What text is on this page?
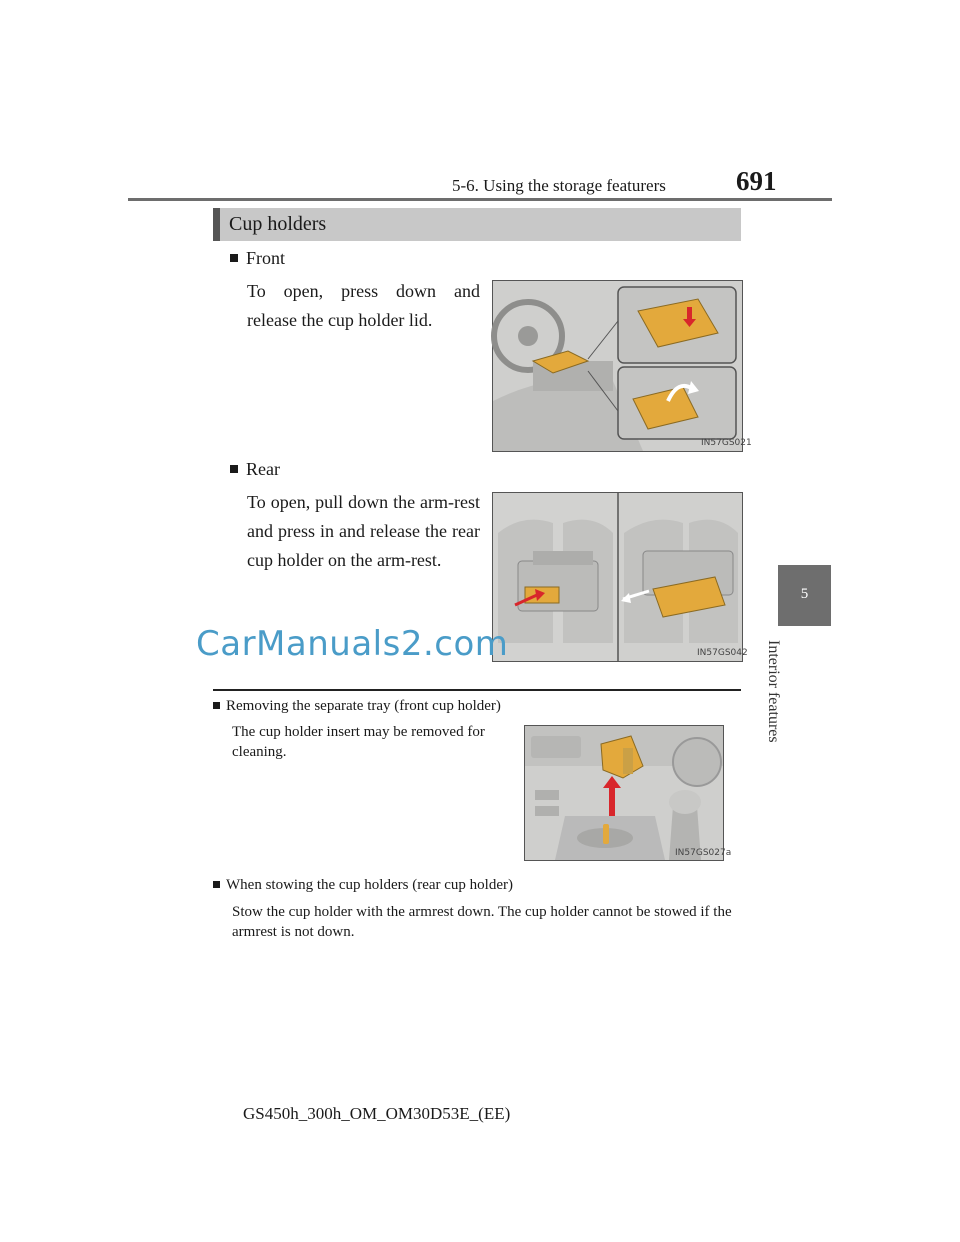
5-6. Using the storage featurers	691
5
Interior features
Cup holders
Front
To open, press down and release the cup holder lid.
IN57GS021
Rear
To open, pull down the arm-rest and press in and release the rear cup holder on the arm-rest.
IN57GS042
CarManuals2.com
Removing the separate tray (front cup holder)
The cup holder insert may be removed for cleaning.
IN57GS027a
When stowing the cup holders (rear cup holder)
Stow the cup holder with the armrest down. The cup holder cannot be stowed if the armrest is not down.
GS450h_300h_OM_OM30D53E_(EE)
